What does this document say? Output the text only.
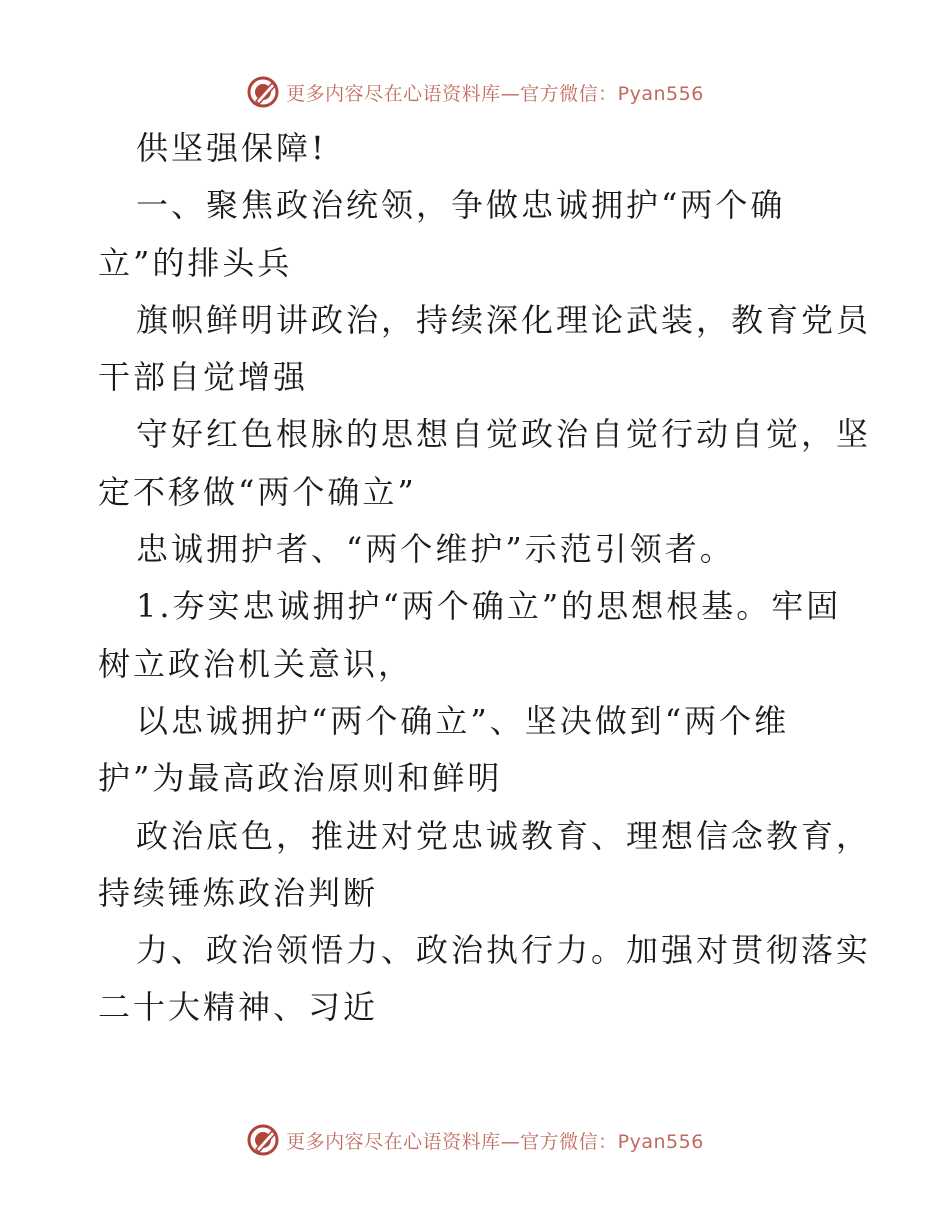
更多内容尽在心语资料库—官方微信：Pyan556
供坚强保障!
一、聚焦政治统领，争做忠诚拥护“两个确
立”的排头兵
旗帜鲜明讲政治，持续深化理论武装，教育党员
干部自觉增强
守好红色根脉的思想自觉政治自觉行动自觉，坚
定不移做“两个确立”
忠诚拥护者、“两个维护”示范引领者。
1.夯实忠诚拥护“两个确立”的思想根基。牢固
树立政治机关意识，
以忠诚拥护“两个确立”、坚决做到“两个维
护”为最高政治原则和鲜明
政治底色，推进对党忠诚教育、理想信念教育，
持续锤炼政治判断
力、政治领悟力、政治执行力。加强对贯彻落实
二十大精神、习近
更多内容尽在心语资料库—官方微信：Pyan556
